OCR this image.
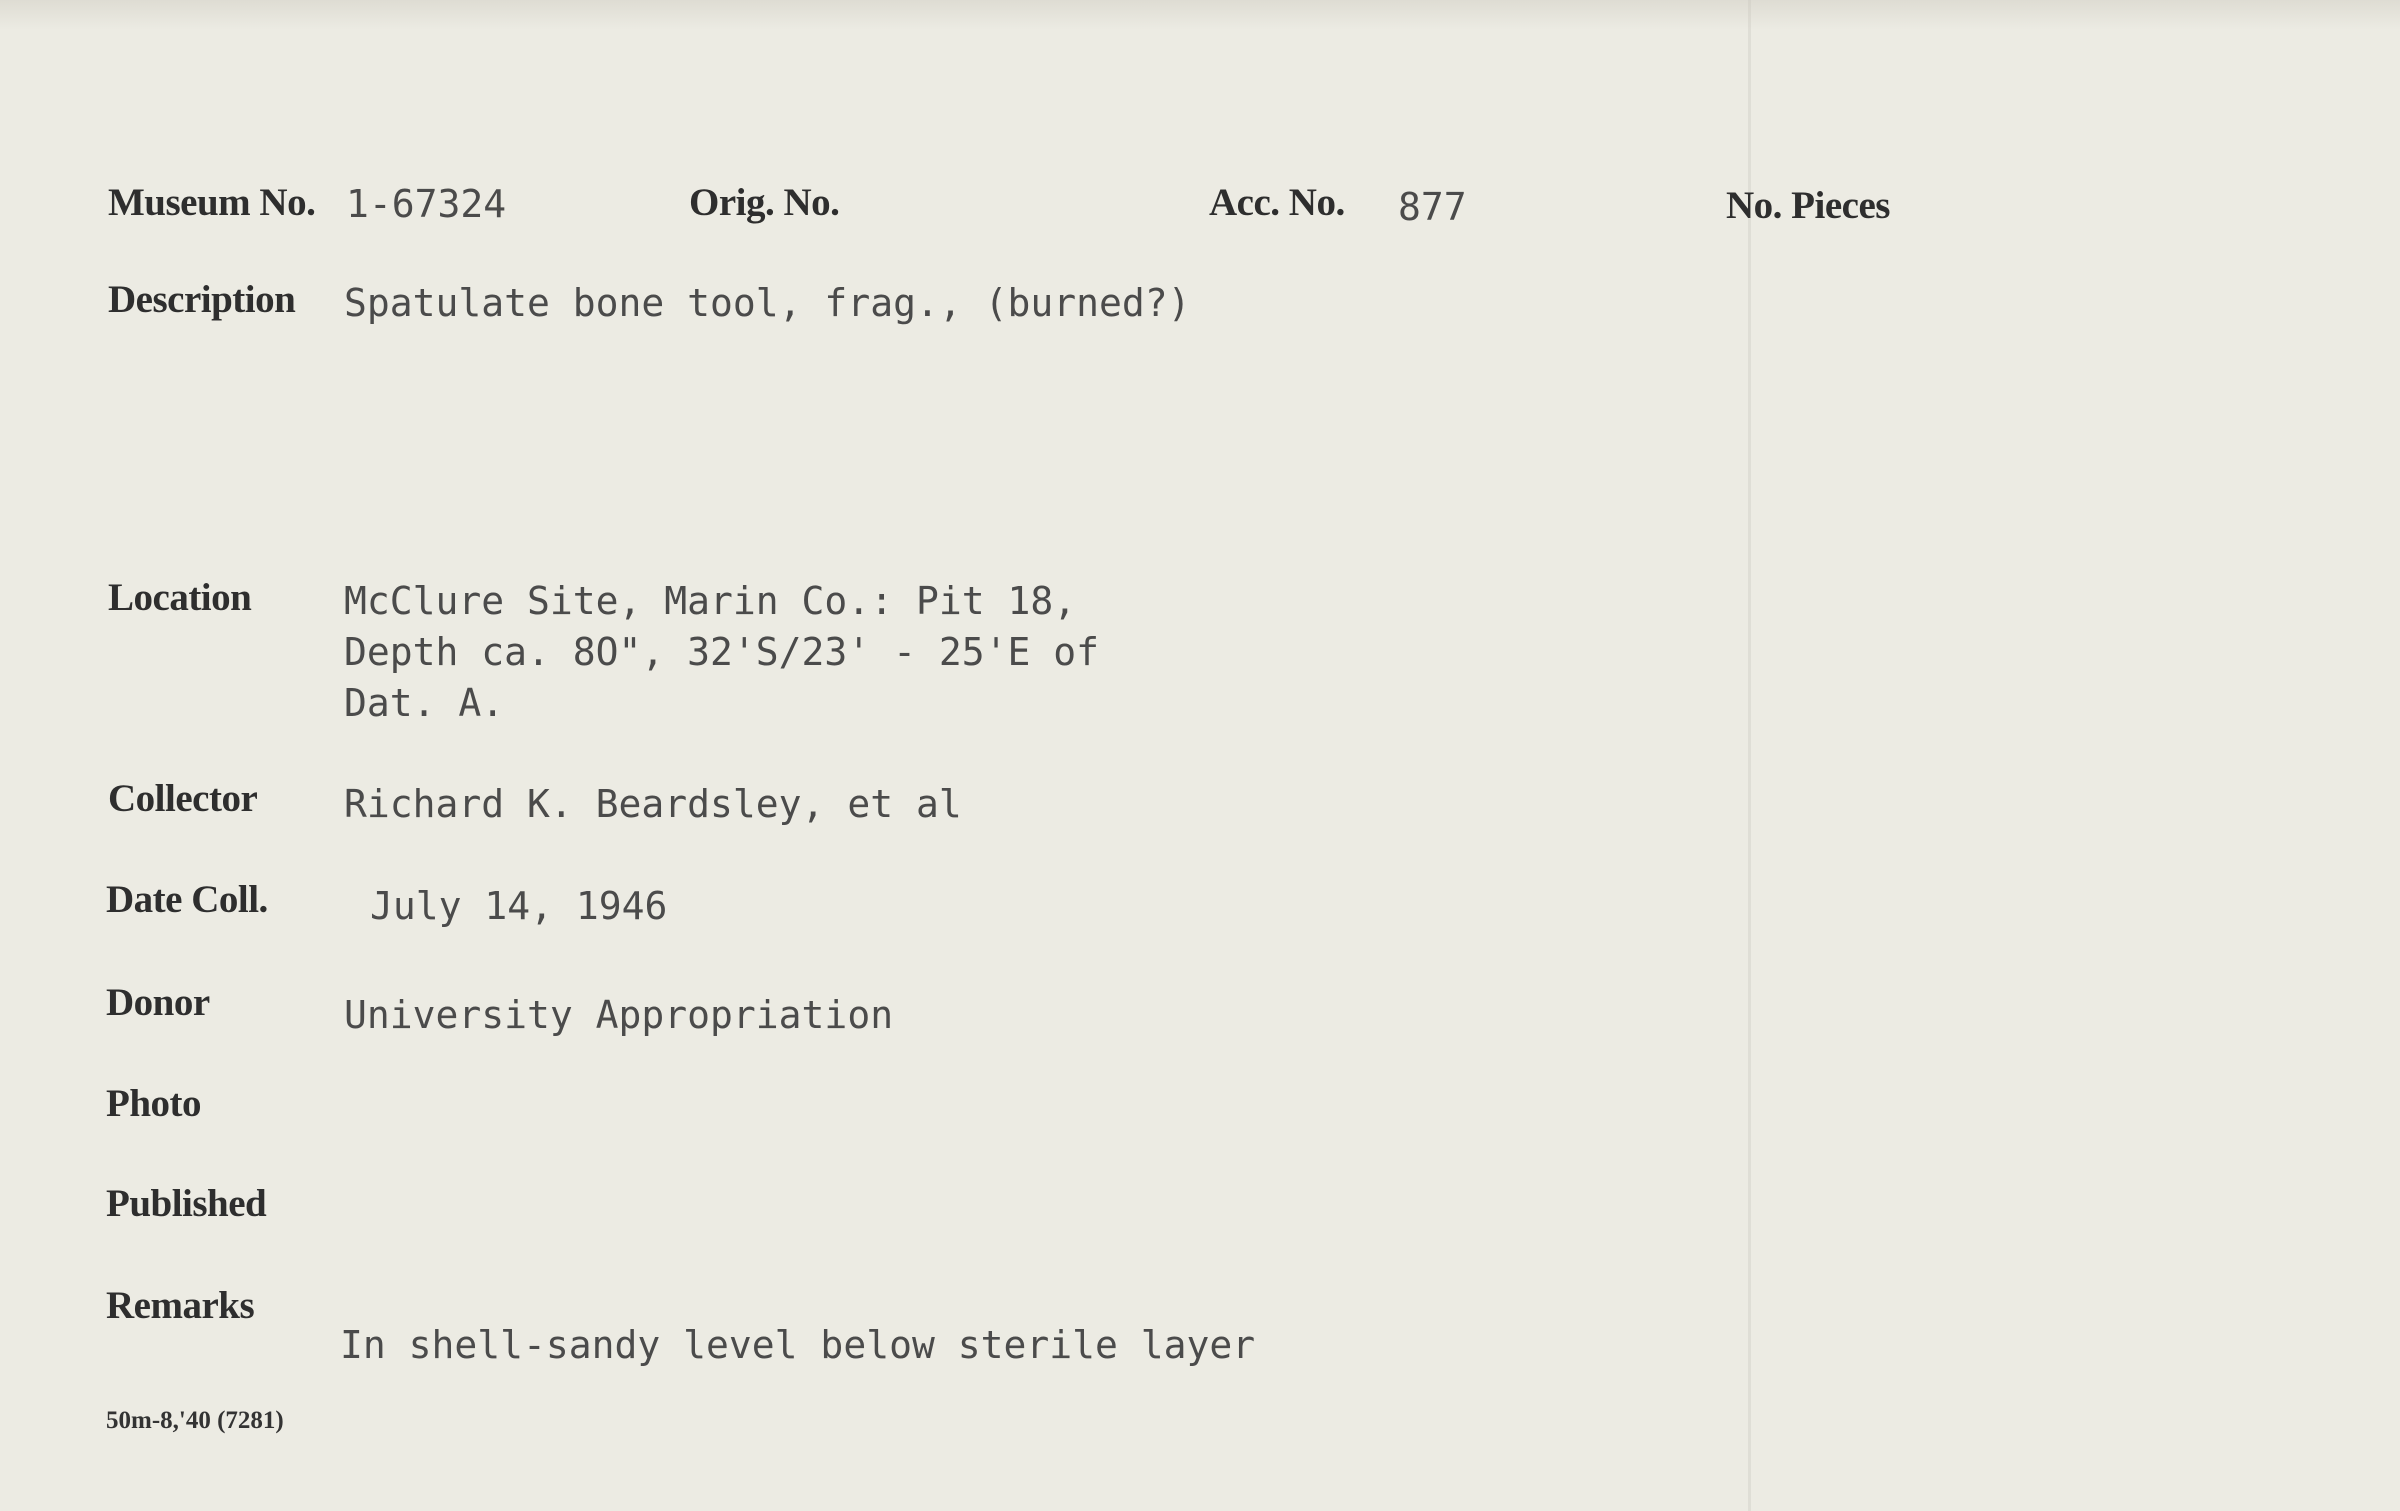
Museum No. 1-67324	Orig. No.	Acc. No. 877	No. Pieces
Description Spatulate bone tool, frag., (burned?)
Location McClure Site, Marin Co.: Pit 18,
Depth ca. 8O", 32'S/23' - 25'E of
Dat. A.
Collector Richard K. Beardsley, et al
Date Coll.	July 14, 1946
Donor	University Appropriation
Photo
Published
Remarks
In shell-sandy level below sterile layer
50m-8,'40 (7281)
